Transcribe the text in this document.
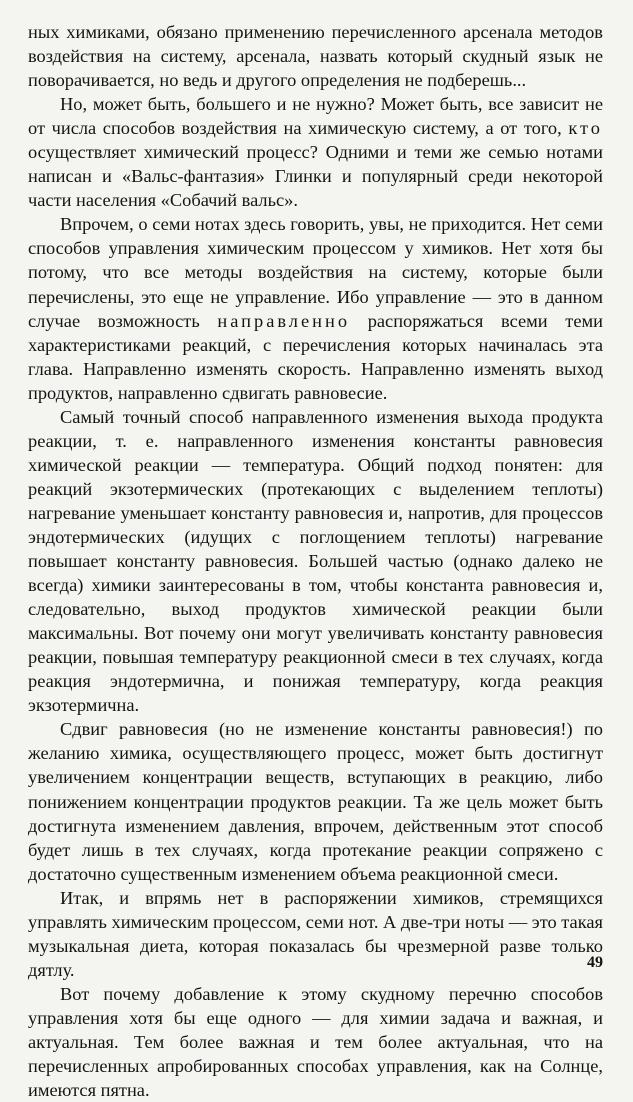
ных химиками, обязано применению перечисленного арсенала методов воздействия на систему, арсенала, назвать который скудный язык не поворачивается, но ведь и другого определения не подберешь...

Но, может быть, большего и не нужно? Может быть, все зависит не от числа способов воздействия на химическую систему, а от того, кто осуществляет химический процесс? Одними и теми же семью нотами написан и «Вальс-фантазия» Глинки и популярный среди некоторой части населения «Собачий вальс».

Впрочем, о семи нотах здесь говорить, увы, не приходится. Нет семи способов управления химическим процессом у химиков. Нет хотя бы потому, что все методы воздействия на систему, которые были перечислены, это еще не управление. Ибо управление — это в данном случае возможность направленно распоряжаться всеми теми характеристиками реакций, с перечисления которых начиналась эта глава. Направленно изменять скорость. Направленно изменять выход продуктов, направленно сдвигать равновесие.

Самый точный способ направленного изменения выхода продукта реакции, т. е. направленного изменения константы равновесия химической реакции — температура. Общий подход понятен: для реакций экзотермических (протекающих с выделением теплоты) нагревание уменьшает константу равновесия и, напротив, для процессов эндотермических (идущих с поглощением теплоты) нагревание повышает константу равновесия. Большей частью (однако далеко не всегда) химики заинтересованы в том, чтобы константа равновесия и, следовательно, выход продуктов химической реакции были максимальны. Вот почему они могут увеличивать константу равновесия реакции, повышая температуру реакционной смеси в тех случаях, когда реакция эндотермична, и понижая температуру, когда реакция экзотермична.

Сдвиг равновесия (но не изменение константы равновесия!) по желанию химика, осуществляющего процесс, может быть достигнут увеличением концентрации веществ, вступающих в реакцию, либо понижением концентрации продуктов реакции. Та же цель может быть достигнута изменением давления, впрочем, действенным этот способ будет лишь в тех случаях, когда протекание реакции сопряжено с достаточно существенным изменением объема реакционной смеси.

Итак, и впрямь нет в распоряжении химиков, стремящихся управлять химическим процессом, семи нот. А две-три ноты — это такая музыкальная диета, которая показалась бы чрезмерной разве только дятлу.

Вот почему добавление к этому скудному перечню способов управления хотя бы еще одного — для химии задача и важная, и актуальная. Тем более важная и тем более актуальная, что на перечисленных апробированных способах управления, как на Солнце, имеются пятна.

49
